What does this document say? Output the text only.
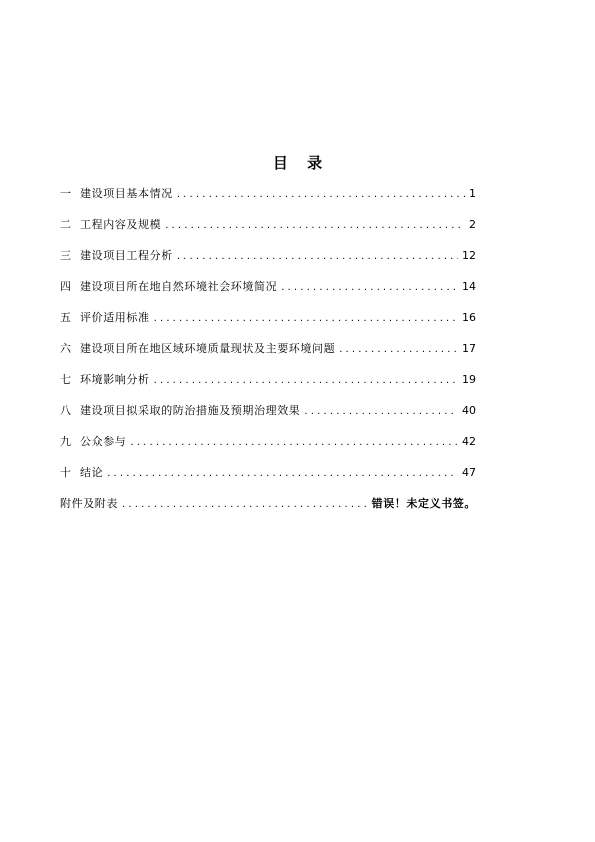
目 录
一 建设项目基本情况 . . .	1
二 工程内容及规模 . . .	2
三 建设项目工程分析 . . .	12
四 建设项目所在地自然环境社会环境简况 . . .	14
五 评价适用标准 . . .	16
六 建设项目所在地区域环境质量现状及主要环境问题 . . .	17
七 环境影响分析 . . .	19
八 建设项目拟采取的防治措施及预期治理效果 . . .	40
九 公众参与 . . .	42
十 结论 . . .	47
附件及附表 . . .	错误！未定义书签。
